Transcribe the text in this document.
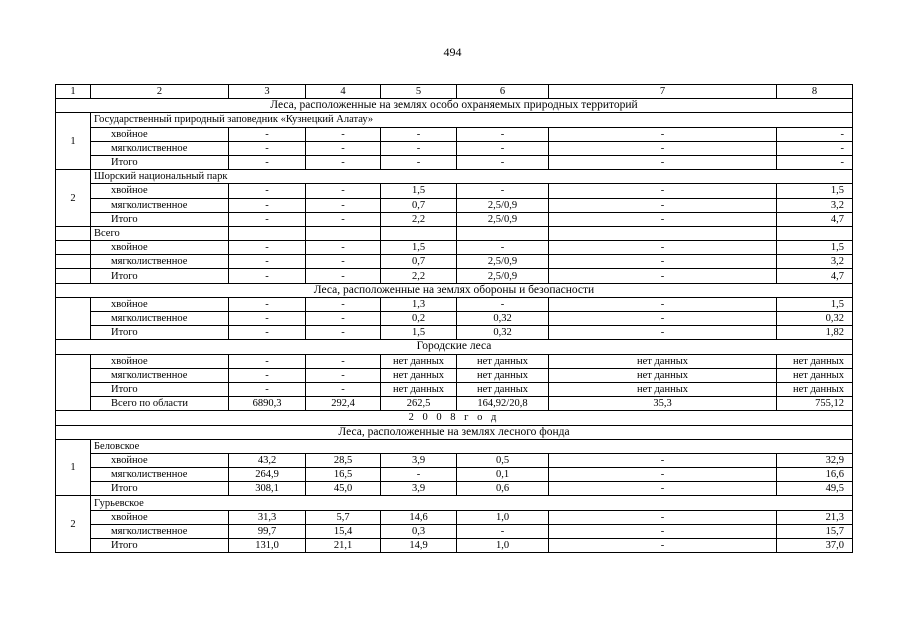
494
1	2	3	4	5	6	7	8
Леса, расположенные на землях особо охраняемых природных территорий							
1	Государственный природный заповедник «Кузнецкий Алатау»						
	хвойное	-	-	-	-	-	-
	мягколиственное	-	-	-	-	-	-
	Итого	-	-	-	-	-	-
2	Шорский национальный парк						
	хвойное	-	-	1,5	-	-	1,5
	мягколиственное	-	-	0,7	2,5/0,9	-	3,2
	Итого	-	-	2,2	2,5/0,9	-	4,7
	Всего						
	хвойное	-	-	1,5	-	-	1,5
	мягколиственное	-	-	0,7	2,5/0,9	-	3,2
	Итого	-	-	2,2	2,5/0,9	-	4,7
Леса, расположенные на землях обороны и безопасности							
	хвойное	-	-	1,3	-	-	1,5
	мягколиственное	-	-	0,2	0,32	-	0,32
	Итого	-	-	1,5	0,32	-	1,82
Городские леса							
	хвойное	-	-	нет данных	нет данных	нет данных	нет данных
	мягколиственное	-	-	нет данных	нет данных	нет данных	нет данных
	Итого	-	-	нет данных	нет данных	нет данных	нет данных
	Всего по области	6890,3	292,4	262,5	164,92/20,8	35,3	755,12
2 0 0 8 г о д							
Леса, расположенные на землях лесного фонда							
1	Беловское						
	хвойное	43,2	28,5	3,9	0,5	-	32,9
	мягколиственное	264,9	16,5	-	0,1	-	16,6
	Итого	308,1	45,0	3,9	0,6	-	49,5
2	Гурьевское						
	хвойное	31,3	5,7	14,6	1,0	-	21,3
	мягколиственное	99,7	15,4	0,3	-	-	15,7
	Итого	131,0	21,1	14,9	1,0	-	37,0
